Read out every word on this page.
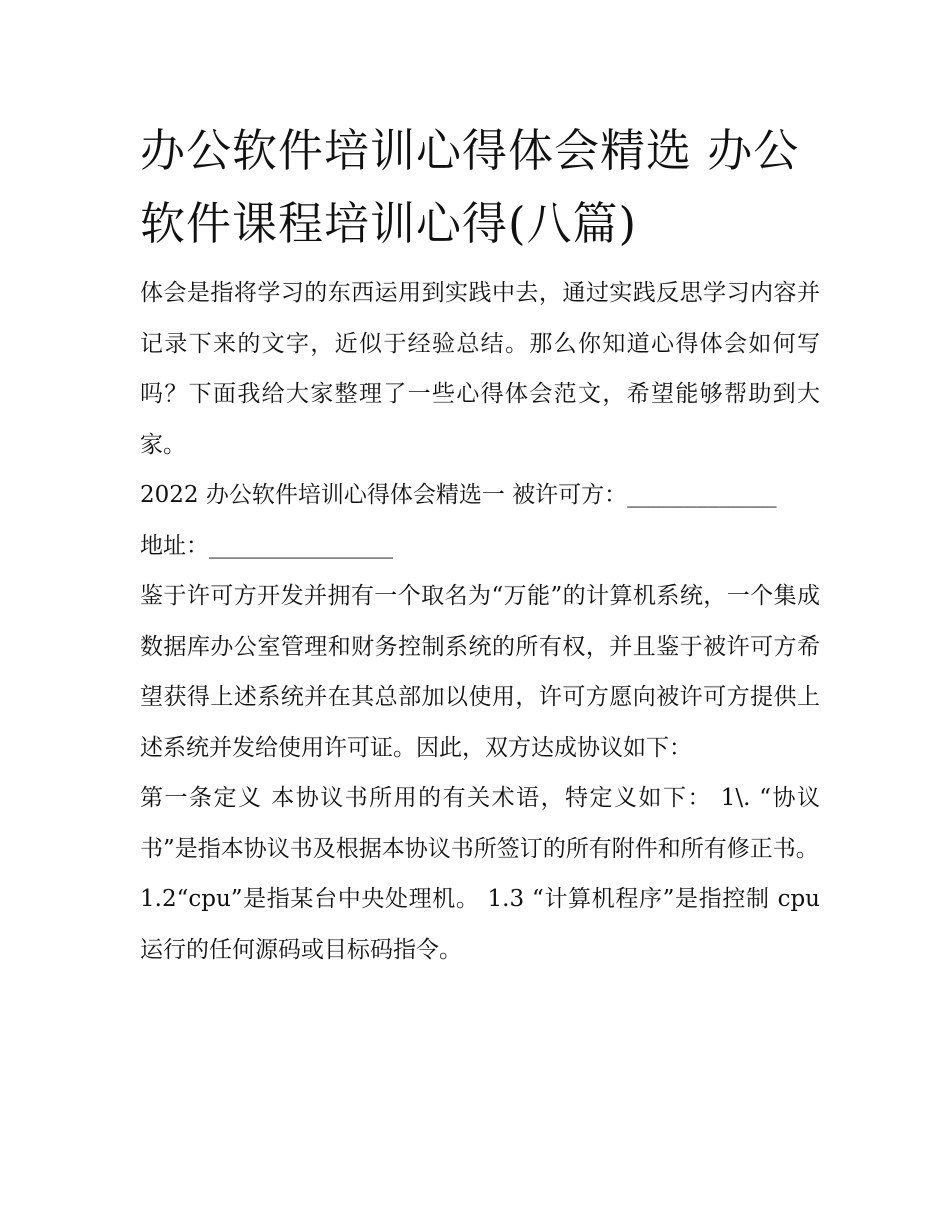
办公软件培训心得体会精选 办公软件课程培训心得(八篇)

体会是指将学习的东西运用到实践中去，通过实践反思学习内容并记录下来的文字，近似于经验总结。那么你知道心得体会如何写吗？下面我给大家整理了一些心得体会范文，希望能够帮助到大家。

2022 办公软件培训心得体会精选一 被许可方：_____________

地址：________________

鉴于许可方开发并拥有一个取名为“万能”的计算机系统，一个集成数据库办公室管理和财务控制系统的所有权，并且鉴于被许可方希望获得上述系统并在其总部加以使用，许可方愿向被许可方提供上述系统并发给使用许可证。因此，双方达成协议如下：

第一条定义 本协议书所用的有关术语，特定义如下： 1\. “协议书”是指本协议书及根据本协议书所签订的所有附件和所有修正书。

1.2“cpu”是指某台中央处理机。 1.3 “计算机程序”是指控制 cpu 运行的任何源码或目标码指令。
